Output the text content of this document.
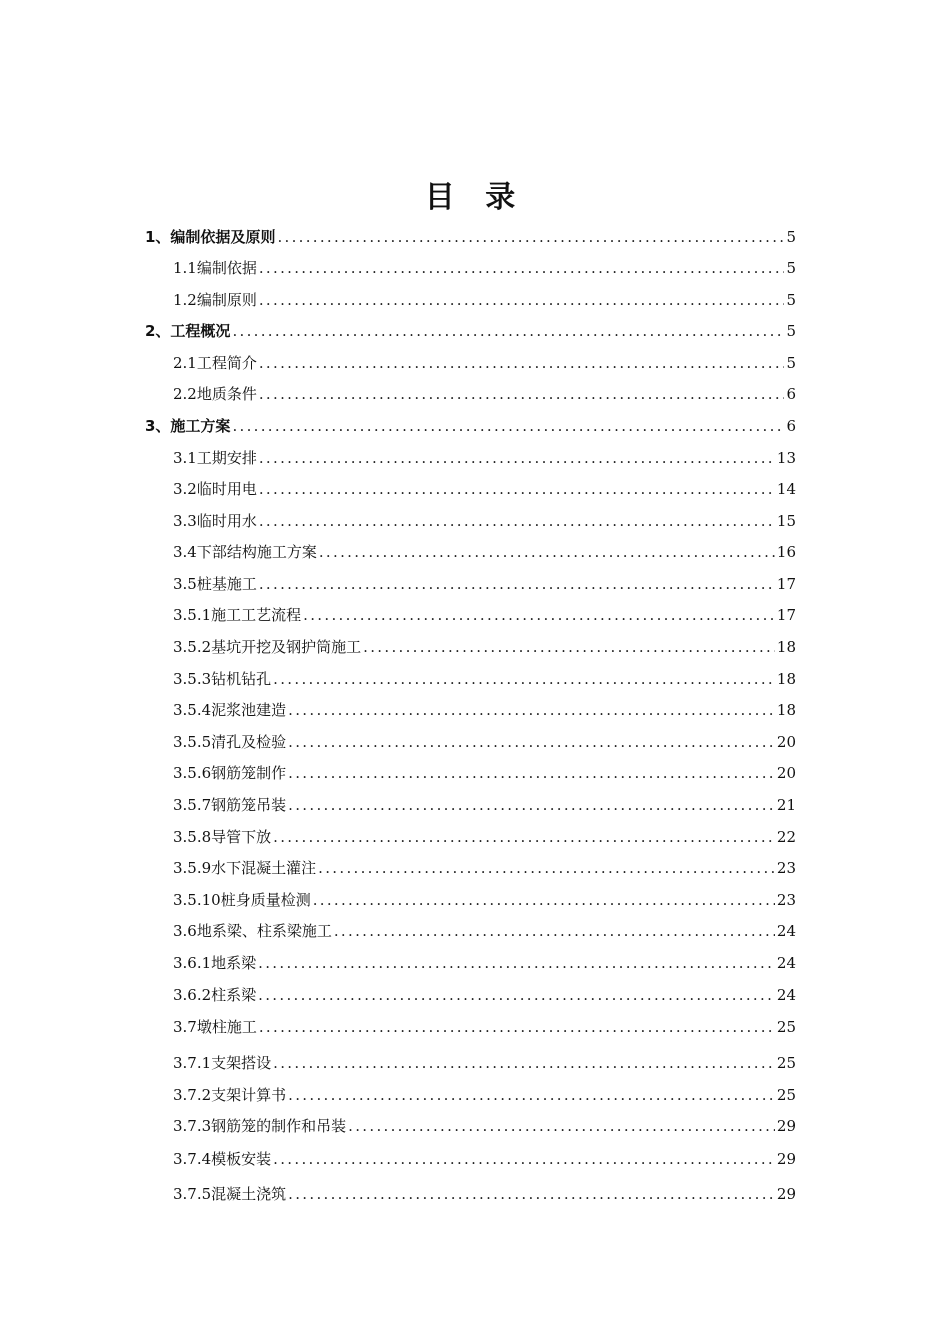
目 录
1、编制依据及原则 .....	5
1.1编制依据 .....	5
1.2编制原则 .....	5
2、工程概况 .....	5
2.1工程简介 .....	5
2.2地质条件 .....	6
3、施工方案 .....	6
3.1工期安排 .....	13
3.2临时用电 .....	14
3.3临时用水 .....	15
3.4下部结构施工方案 .....	16
3.5桩基施工 .....	17
3.5.1施工工艺流程 .....	17
3.5.2基坑开挖及钢护筒施工 .....	18
3.5.3钻机钻孔 .....	18
3.5.4泥浆池建造 .....	18
3.5.5清孔及检验 .....	20
3.5.6钢筋笼制作 .....	20
3.5.7钢筋笼吊装 .....	21
3.5.8导管下放 .....	22
3.5.9水下混凝土灌注 .....	23
3.5.10桩身质量检测 .....	23
3.6地系梁、柱系梁施工 .....	24
3.6.1地系梁 .....	24
3.6.2柱系梁 .....	24
3.7墩柱施工 .....	25
3.7.1支架搭设 .....	25
3.7.2支架计算书 .....	25
3.7.3钢筋笼的制作和吊装 .....	29
3.7.4模板安装 .....	29
3.7.5混凝土浇筑 .....	29
